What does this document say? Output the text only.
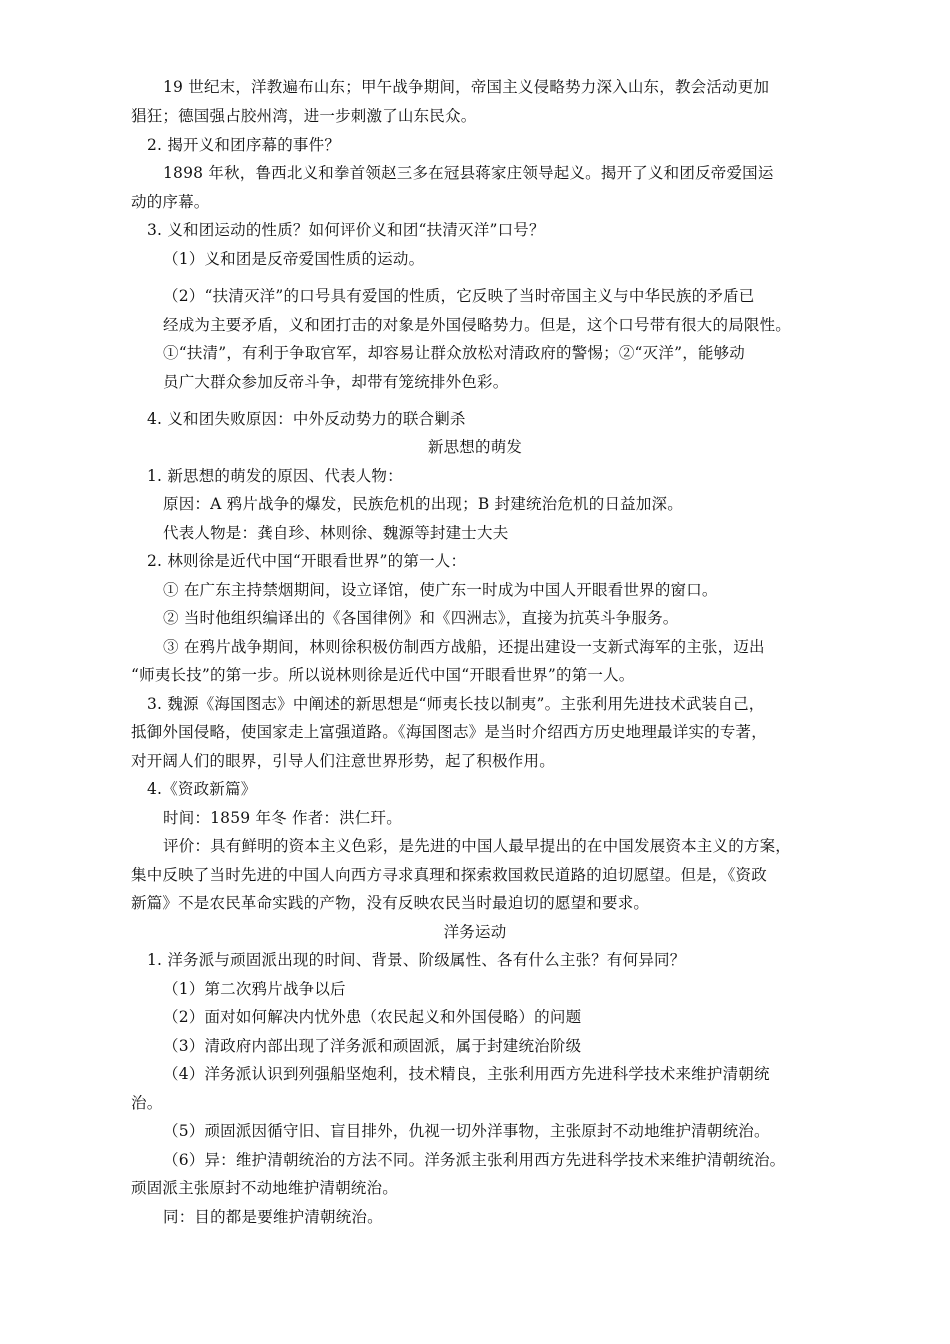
19 世纪末，洋教遍布山东；甲午战争期间，帝国主义侵略势力深入山东，教会活动更加
猖狂；德国强占胶州湾，进一步刺激了山东民众。
2. 揭开义和团序幕的事件？
1898 年秋，鲁西北义和拳首领赵三多在冠县蒋家庄领导起义。揭开了义和团反帝爱国运
动的序幕。
3. 义和团运动的性质？如何评价义和团“扶清灭洋”口号？
（1）义和团是反帝爱国性质的运动。
（2）“扶清灭洋”的口号具有爱国的性质，它反映了当时帝国主义与中华民族的矛盾已
经成为主要矛盾，义和团打击的对象是外国侵略势力。但是，这个口号带有很大的局限性。
①“扶清”，有利于争取官军，却容易让群众放松对清政府的警惕；②“灭洋”，能够动
员广大群众参加反帝斗争，却带有笼统排外色彩。
4. 义和团失败原因：中外反动势力的联合剿杀
新思想的萌发
1. 新思想的萌发的原因、代表人物：
原因：A 鸦片战争的爆发，民族危机的出现；B 封建统治危机的日益加深。
代表人物是：龚自珍、林则徐、魏源等封建士大夫
2. 林则徐是近代中国“开眼看世界”的第一人：
① 在广东主持禁烟期间，设立译馆，使广东一时成为中国人开眼看世界的窗口。
② 当时他组织编译出的《各国律例》和《四洲志》，直接为抗英斗争服务。
③ 在鸦片战争期间，林则徐积极仿制西方战船，还提出建设一支新式海军的主张，迈出
“师夷长技”的第一步。所以说林则徐是近代中国“开眼看世界”的第一人。
3. 魏源《海国图志》中阐述的新思想是“师夷长技以制夷”。主张利用先进技术武装自己，
抵御外国侵略，使国家走上富强道路。《海国图志》是当时介绍西方历史地理最详实的专著，
对开阔人们的眼界，引导人们注意世界形势，起了积极作用。
4.《资政新篇》
时间：1859 年冬 作者：洪仁玕。
评价：具有鲜明的资本主义色彩，是先进的中国人最早提出的在中国发展资本主义的方案，
集中反映了当时先进的中国人向西方寻求真理和探索救国救民道路的迫切愿望。但是，《资政
新篇》不是农民革命实践的产物，没有反映农民当时最迫切的愿望和要求。
洋务运动
1. 洋务派与顽固派出现的时间、背景、阶级属性、各有什么主张？有何异同？
（1）第二次鸦片战争以后
（2）面对如何解决内忧外患（农民起义和外国侵略）的问题
（3）清政府内部出现了洋务派和顽固派，属于封建统治阶级
（4）洋务派认识到列强船坚炮利，技术精良，主张利用西方先进科学技术来维护清朝统
治。
（5）顽固派因循守旧、盲目排外，仇视一切外洋事物，主张原封不动地维护清朝统治。
（6）异：维护清朝统治的方法不同。洋务派主张利用西方先进科学技术来维护清朝统治。
顽固派主张原封不动地维护清朝统治。
同：目的都是要维护清朝统治。
